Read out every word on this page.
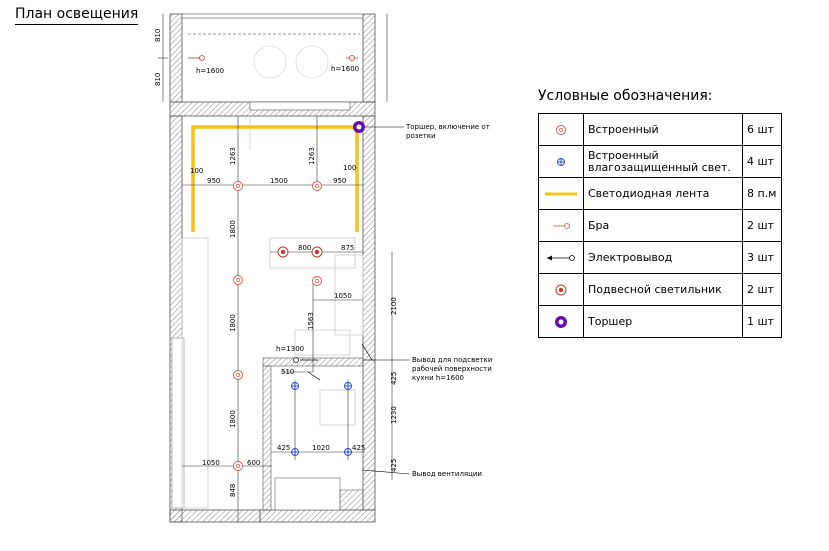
План освещения
810
810
1263	1263
100	100
950	1500	950
1800
800	875
1050
2100
1563
1800
510	425
1230
1800
425	1020	425
425
1050	600
848
h=1600	h=1600
h=1300
Торшер, включение от
розетки
Вывод для подсветки
рабочей поверхности
кухни h=1600
Вывод вентиляции
Условные обозначения:

Встроенный	6 шт

Встроенный
влагозащищенный свет.	4 шт

Светодиодная лента	8 п.м

Бра	2 шт

Электровывод	3 шт

Подвесной светильник	2 шт

Торшер	1 шт
